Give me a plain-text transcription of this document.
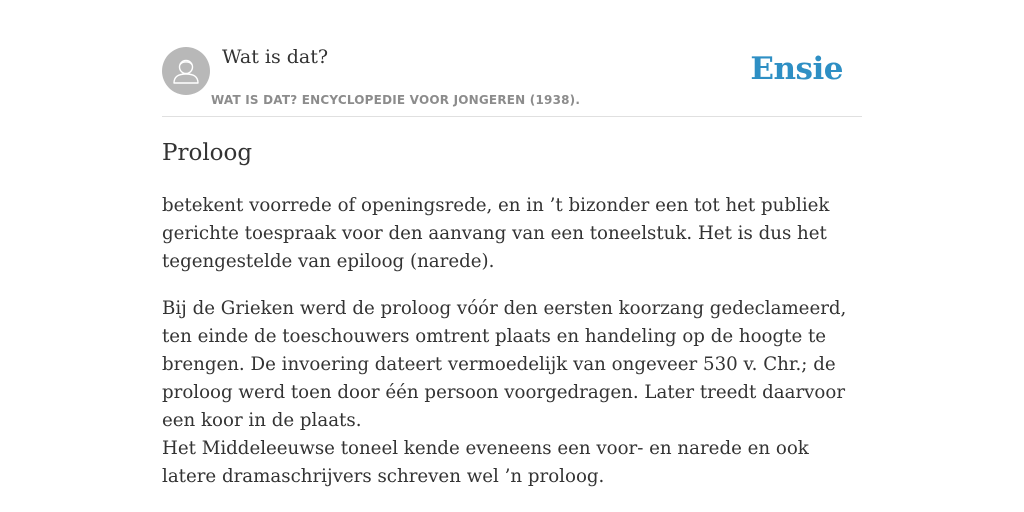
Wat is dat?
WAT IS DAT? ENCYCLOPEDIE VOOR JONGEREN (1938).
Ensie
Proloog

betekent voorrede of openingsrede, en in ’t bizonder een tot het publiek gerichte toespraak voor den aanvang van een toneelstuk. Het is dus het tegengestelde van epiloog (narede).

Bij de Grieken werd de proloog vóór den eersten koorzang gedeclameerd, ten einde de toeschouwers omtrent plaats en handeling op de hoogte te brengen. De invoering dateert vermoedelijk van ongeveer 530 v. Chr.; de proloog werd toen door één persoon voorgedragen. Later treedt daarvoor een koor in de plaats.

Het Middeleeuwse toneel kende eveneens een voor- en narede en ook latere dramaschrijvers schreven wel ’n proloog.
